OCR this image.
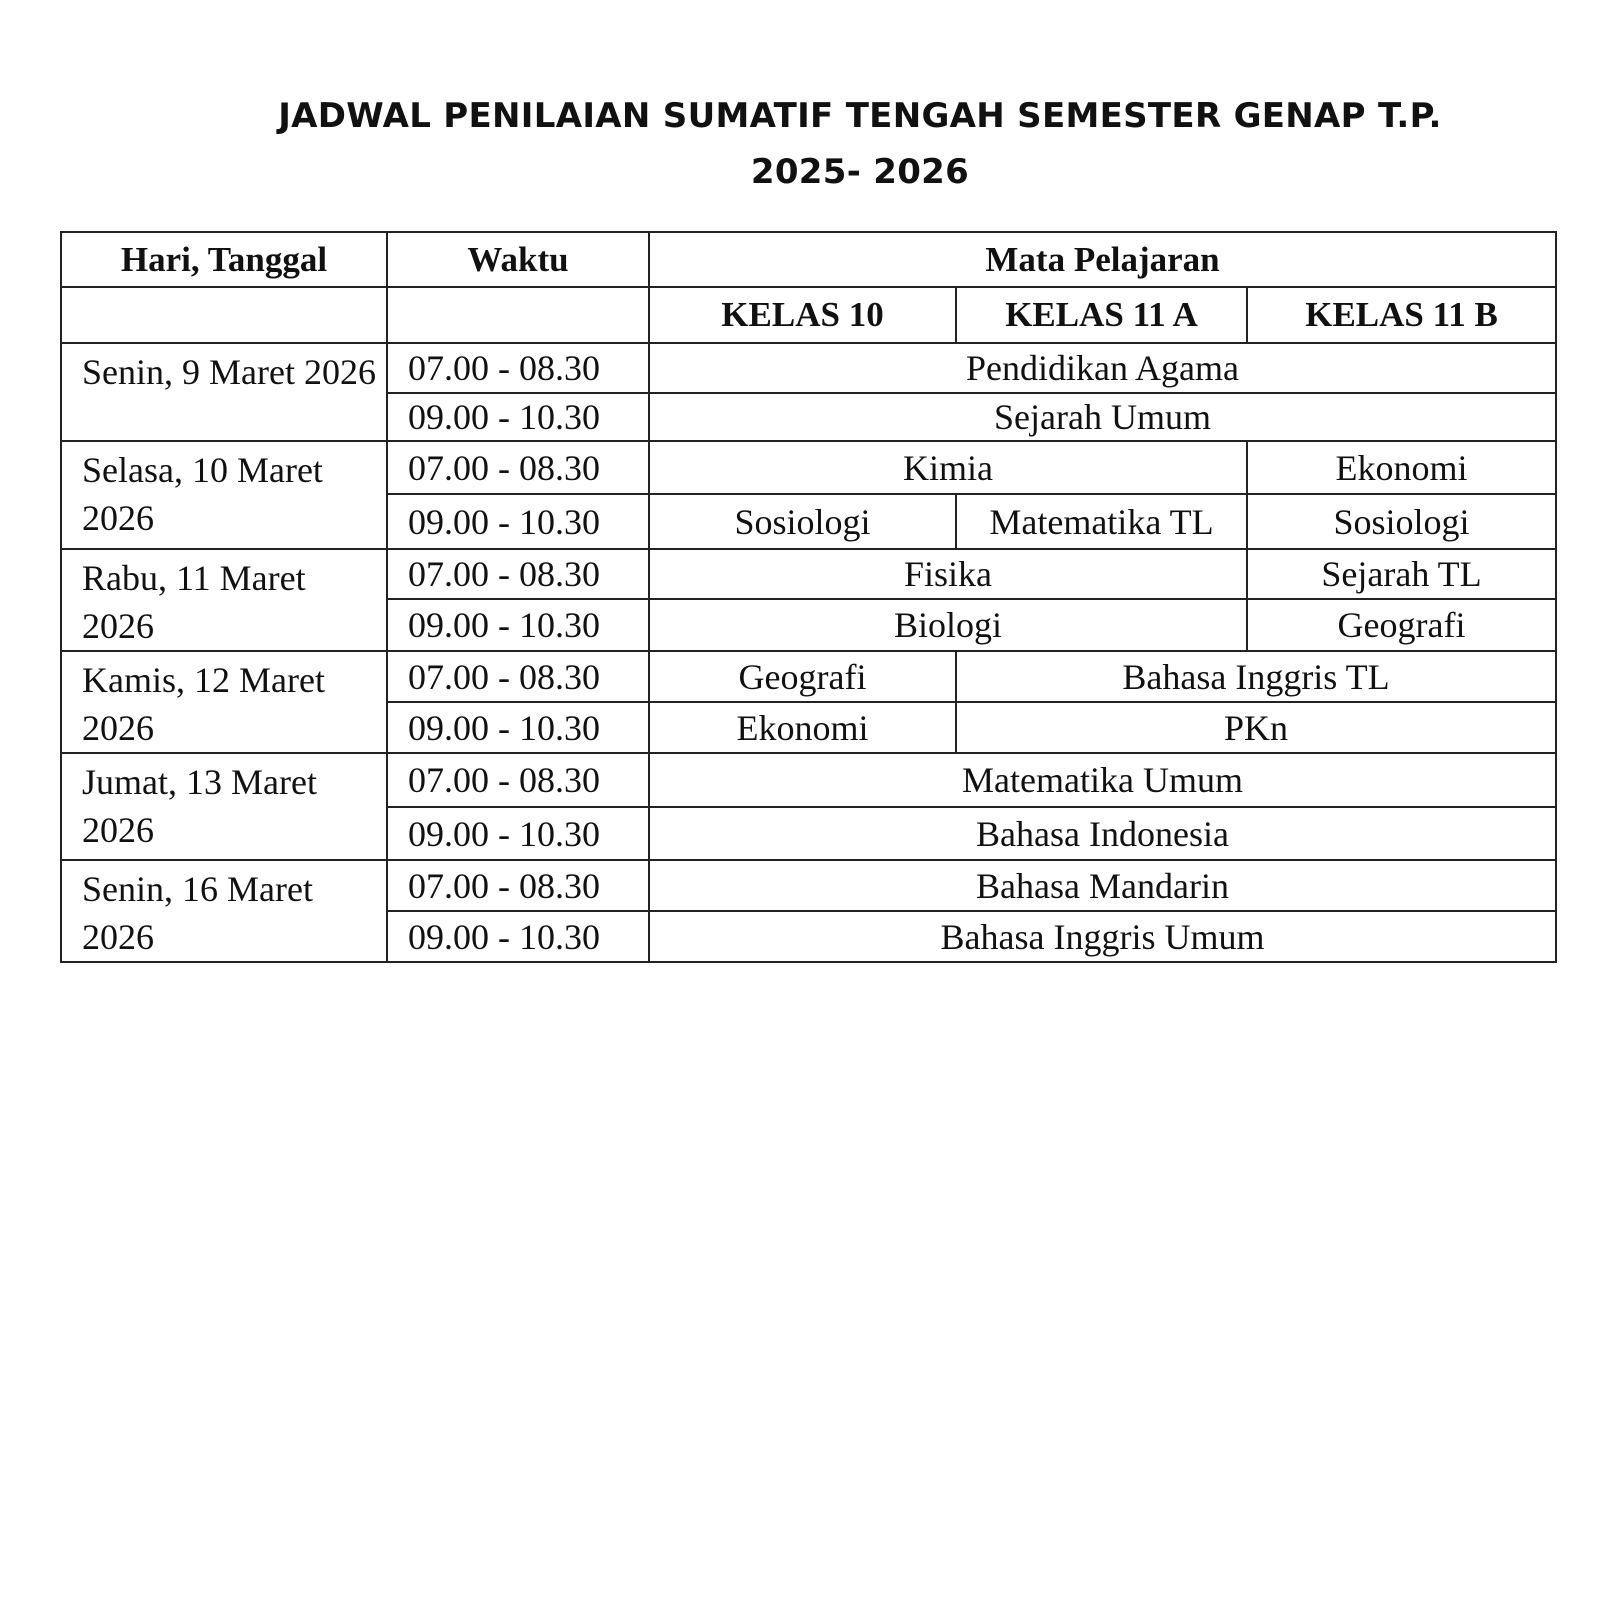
JADWAL PENILAIAN SUMATIF TENGAH SEMESTER GENAP T.P.
2025- 2026
Hari, Tanggal	Waktu	Mata Pelajaran		
		KELAS 10	KELAS 11 A	KELAS 11 B
Senin, 9 Maret 2026	07.00 - 08.30	Pendidikan Agama		
	09.00 - 10.30	Sejarah Umum		
Selasa, 10 Maret 2026	07.00 - 08.30	Kimia		Ekonomi
	09.00 - 10.30	Sosiologi	Matematika TL	Sosiologi
Rabu, 11 Maret 2026	07.00 - 08.30	Fisika		Sejarah TL
	09.00 - 10.30	Biologi		Geografi
Kamis, 12 Maret 2026	07.00 - 08.30	Geografi	Bahasa Inggris TL	
	09.00 - 10.30	Ekonomi	PKn	
Jumat, 13 Maret 2026	07.00 - 08.30	Matematika Umum		
	09.00 - 10.30	Bahasa Indonesia		
Senin, 16 Maret 2026	07.00 - 08.30	Bahasa Mandarin		
	09.00 - 10.30	Bahasa Inggris Umum		
